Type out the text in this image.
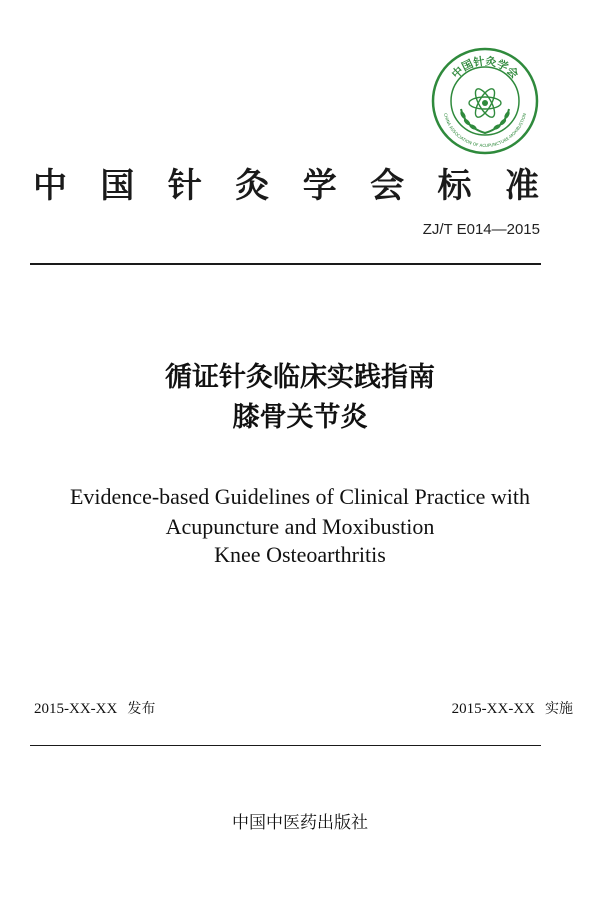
中国针灸学会
CHINA ASSOCIATION OF ACUPUNCTURE-MOXIBUSTION
中 国 针 灸 学 会 标 准
ZJ/T E014—2015
循证针灸临床实践指南
膝骨关节炎
Evidence-based Guidelines of Clinical Practice with
Acupuncture and Moxibustion
Knee Osteoarthritis
2015-XX-XX 发布	2015-XX-XX 实施
中国中医药出版社
